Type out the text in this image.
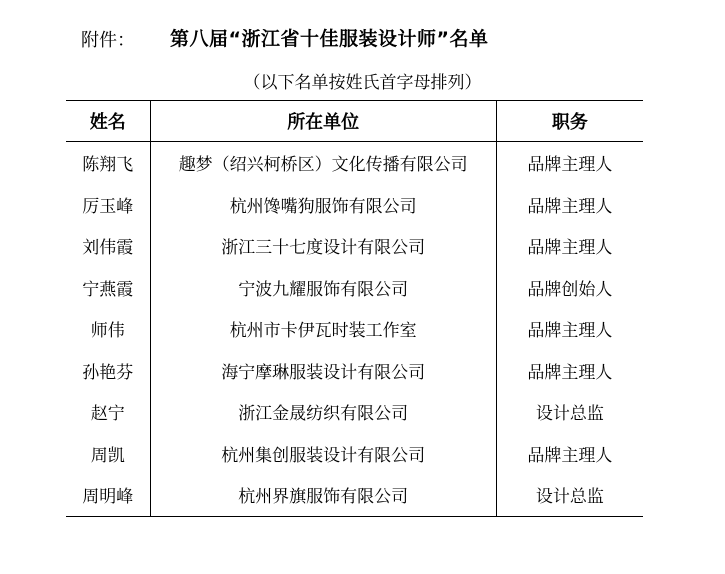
附件： 第八届“浙江省十佳服装设计师”名单
（以下名单按姓氏首字母排列）
姓名	所在单位	职务
陈翔飞	趣梦（绍兴柯桥区）文化传播有限公司	品牌主理人
厉玉峰	杭州馋嘴狗服饰有限公司	品牌主理人
刘伟霞	浙江三十七度设计有限公司	品牌主理人
宁燕霞	宁波九耀服饰有限公司	品牌创始人
师伟	杭州市卡伊瓦时装工作室	品牌主理人
孙艳芬	海宁摩琳服装设计有限公司	品牌主理人
赵宁	浙江金晟纺织有限公司	设计总监
周凯	杭州集创服装设计有限公司	品牌主理人
周明峰	杭州界旗服饰有限公司	设计总监
